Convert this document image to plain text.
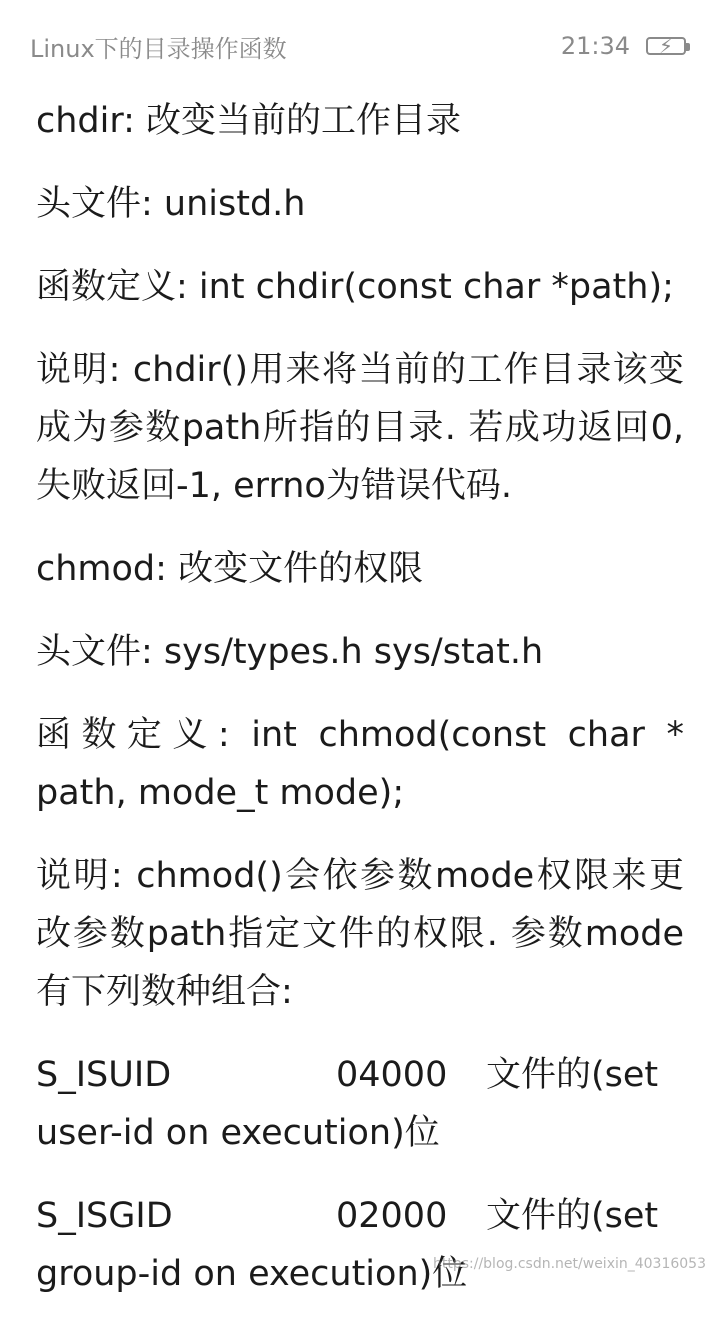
Linux下的目录操作函数	21:34	⚡
chdir: 改变当前的工作目录
头文件: unistd.h
函数定义: int chdir(const char *path);
说明: chdir()用来将当前的工作目录该变成为参数path所指的目录. 若成功返回0, 失败返回-1, errno为错误代码.
chmod: 改变文件的权限
头文件: sys/types.h sys/stat.h
函数定义: int chmod(const char * path, mode_t mode);
说明: chmod()会依参数mode权限来更改参数path指定文件的权限. 参数mode有下列数种组合:
S_ISUID	04000 文件的(set user-id on execution)位
S_ISGID	02000 文件的(set group-id on execution)位
https://blog.csdn.net/weixin_40316053
